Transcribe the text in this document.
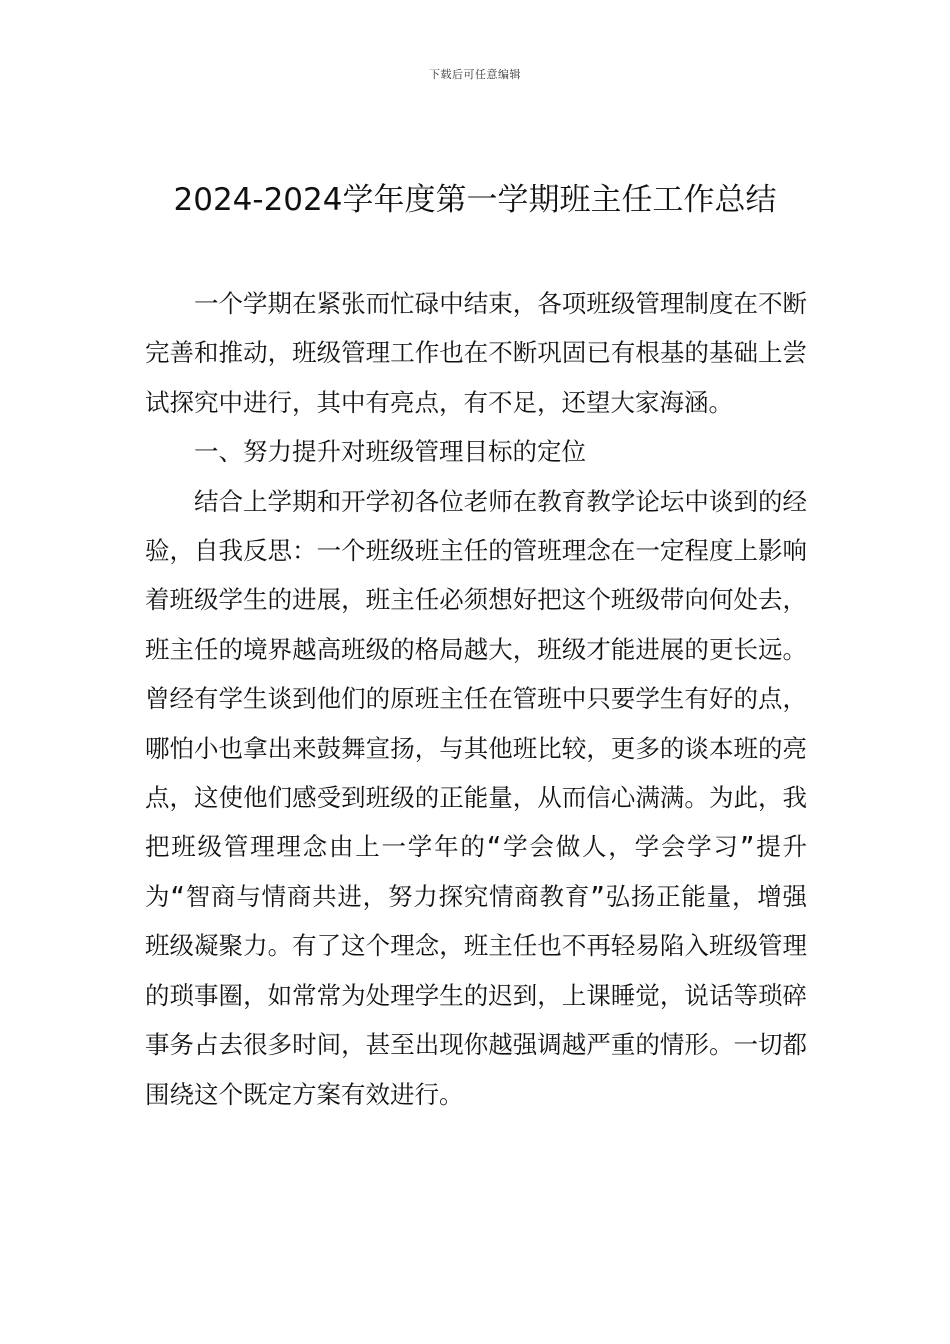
下载后可任意编辑
2024-2024学年度第一学期班主任工作总结

一个学期在紧张而忙碌中结束，各项班级管理制度在不断完善和推动，班级管理工作也在不断巩固已有根基的基础上尝试探究中进行，其中有亮点，有不足，还望大家海涵。

一、努力提升对班级管理目标的定位

结合上学期和开学初各位老师在教育教学论坛中谈到的经验，自我反思：一个班级班主任的管班理念在一定程度上影响着班级学生的进展，班主任必须想好把这个班级带向何处去，班主任的境界越高班级的格局越大，班级才能进展的更长远。曾经有学生谈到他们的原班主任在管班中只要学生有好的点，哪怕小也拿出来鼓舞宣扬，与其他班比较，更多的谈本班的亮点，这使他们感受到班级的正能量，从而信心满满。为此，我把班级管理理念由上一学年的“学会做人，学会学习”提升为“智商与情商共进，努力探究情商教育”弘扬正能量，增强班级凝聚力。有了这个理念，班主任也不再轻易陷入班级管理的琐事圈，如常常为处理学生的迟到，上课睡觉，说话等琐碎事务占去很多时间，甚至出现你越强调越严重的情形。一切都围绕这个既定方案有效进行。
